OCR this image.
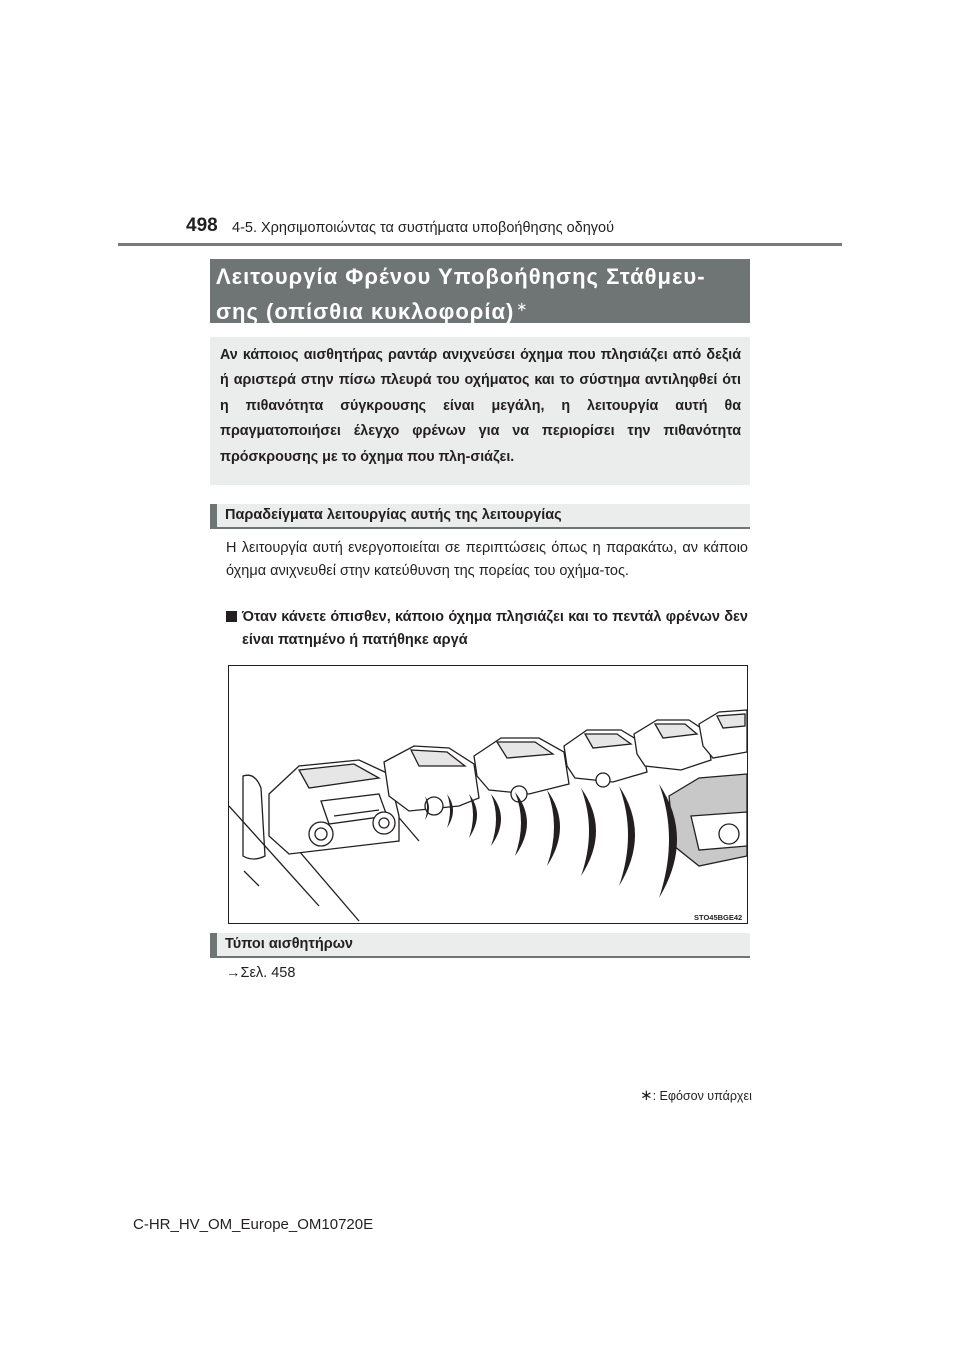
498 4-5. Χρησιμοποιώντας τα συστήματα υποβοήθησης οδηγού
Λειτουργία Φρένου Υποβοήθησης Στάθμευ-
σης (οπίσθια κυκλοφορία) ∗

Αν κάποιος αισθητήρας ραντάρ ανιχνεύσει όχημα που πλησιάζει από δεξιά ή αριστερά στην πίσω πλευρά του οχήματος και το σύστημα αντιληφθεί ότι η πιθανότητα σύγκρουσης είναι μεγάλη, η λειτουργία αυτή θα πραγματοποιήσει έλεγχο φρένων για να περιορίσει την πιθανότητα πρόσκρουσης με το όχημα που πλη-σιάζει.

Παραδείγματα λειτουργίας αυτής της λειτουργίας

Η λειτουργία αυτή ενεργοποιείται σε περιπτώσεις όπως η παρακάτω, αν κάποιο όχημα ανιχνευθεί στην κατεύθυνση της πορείας του οχήμα-τος.

Όταν κάνετε όπισθεν, κάποιο όχημα πλησιάζει και το πεντάλ φρένων δεν είναι πατημένο ή πατήθηκε αργά
STO45BGE42
Τύποι αισθητήρων
→Σελ. 458
∗: Εφόσον υπάρχει
C-HR_HV_OM_Europe_OM10720E
